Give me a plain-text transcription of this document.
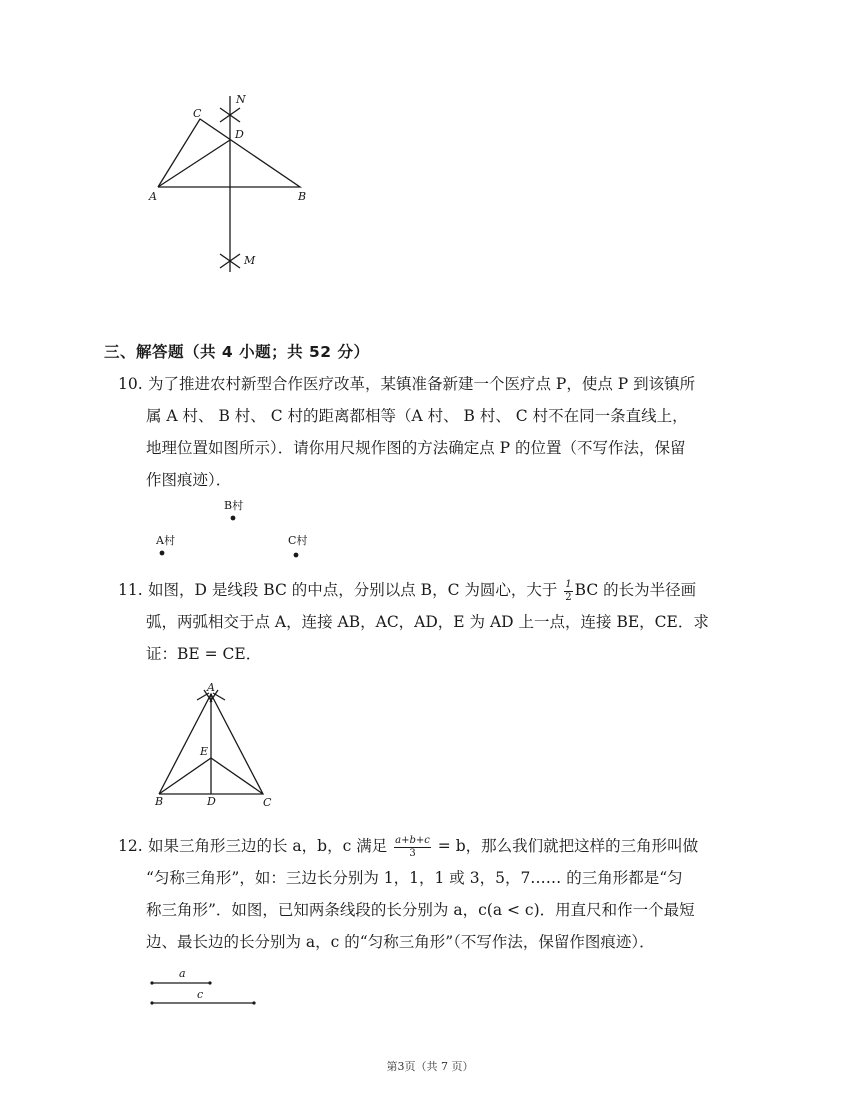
C
N
D
A	B
M
三、解答题（共 4 小题；共 52 分）
10. 为了推进农村新型合作医疗改革，某镇准备新建一个医疗点 P，使点 P 到该镇所
属 A 村、 B 村、 C 村的距离都相等（A 村、 B 村、 C 村不在同一条直线上，
地理位置如图所示）．请你用尺规作图的方法确定点 P 的位置（不写作法，保留
作图痕迹）．
B村
A村	C村
11. 如图，D 是线段 BC 的中点，分别以点 B，C 为圆心，大于 $\frac{1}{2}$ BC 的长为半径画
弧，两弧相交于点 A，连接 AB，AC，AD，E 为 AD 上一点，连接 BE，CE．求
证：BE = CE．
A
E
B	D	C
12. 如果三角形三边的长 a，b，c 满足 $\frac{a+b+c}{3} = b$，那么我们就把这样的三角形叫做
“匀称三角形”，如：三边长分别为 1，1，1 或 3，5，7…… 的三角形都是“匀
称三角形”．如图，已知两条线段的长分别为 a，c(a < c)．用直尺和作一个最短
边、最长边的长分别为 a，c 的“匀称三角形”（不写作法，保留作图痕迹）．
a
c
第3页（共 7 页）
